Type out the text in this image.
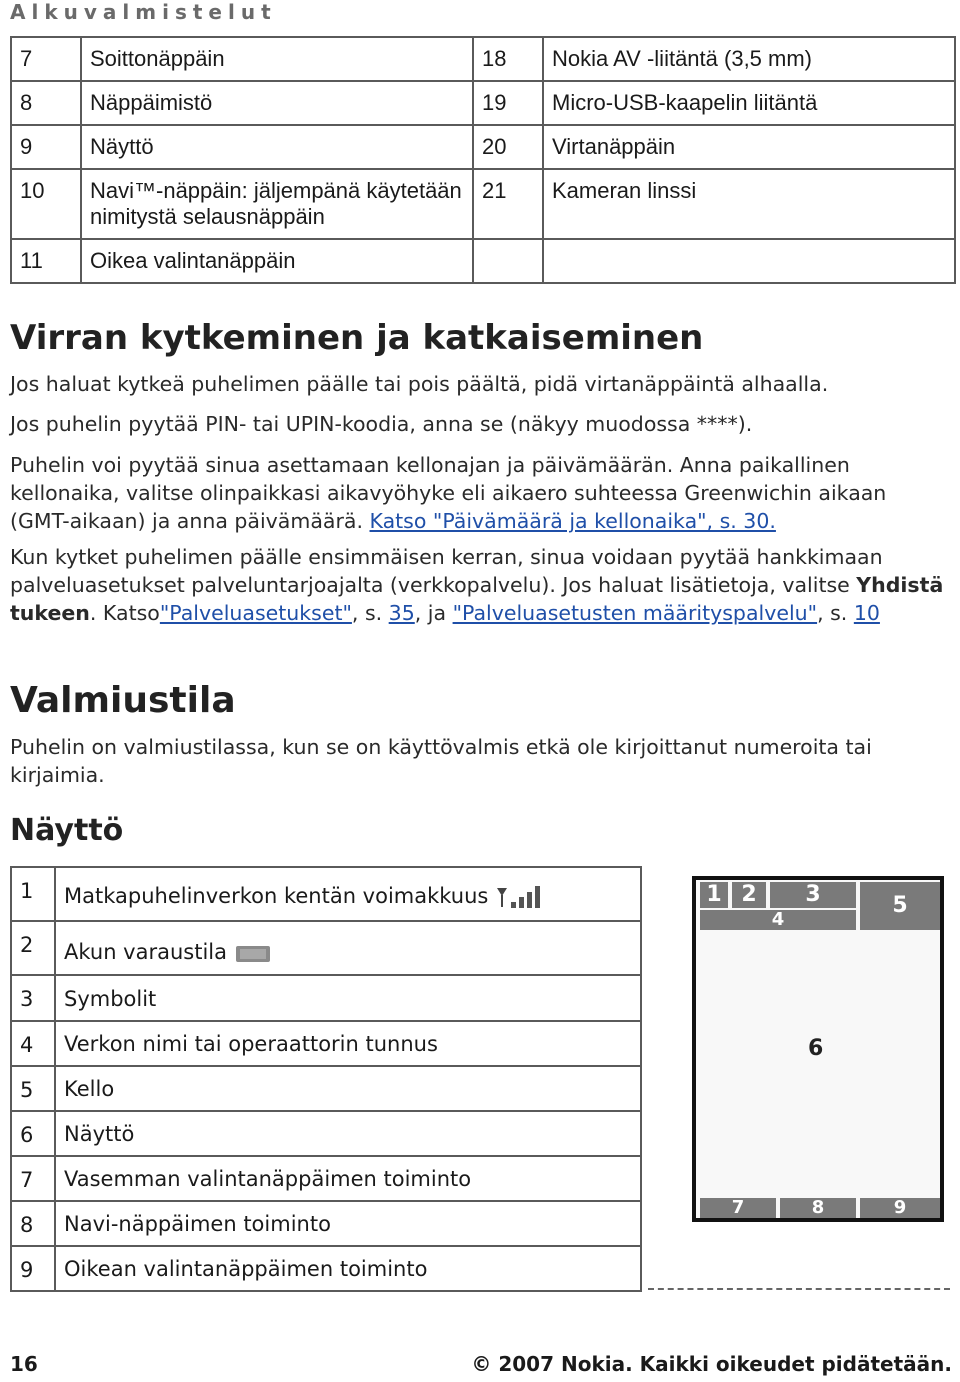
Alkuvalmistelut
7	Soittonäppäin	18	Nokia AV -liitäntä (3,5 mm)
8	Näppäimistö	19	Micro-USB-kaapelin liitäntä
9	Näyttö	20	Virtanäppäin
10	Navi™-näppäin: jäljempänä käytetään nimitystä selausnäppäin	21	Kameran linssi
11	Oikea valintanäppäin		
Virran kytkeminen ja katkaiseminen
Jos haluat kytkeä puhelimen päälle tai pois päältä, pidä virtanäppäintä alhaalla.
Jos puhelin pyytää PIN- tai UPIN-koodia, anna se (näkyy muodossa ****).
Puhelin voi pyytää sinua asettamaan kellonajan ja päivämäärän. Anna paikallinen kellonaika, valitse olinpaikkasi aikavyöhyke eli aikaero suhteessa Greenwichin aikaan (GMT-aikaan) ja anna päivämäärä. Katso "Päivämäärä ja kellonaika", s. 30.
Kun kytket puhelimen päälle ensimmäisen kerran, sinua voidaan pyytää hankkimaan palveluasetukset palveluntarjoajalta (verkkopalvelu). Jos haluat lisätietoja, valitse Yhdistä tukeen. Katso"Palveluasetukset", s. 35, ja "Palveluasetusten määrityspalvelu", s. 10
Valmiustila
Puhelin on valmiustilassa, kun se on käyttövalmis etkä ole kirjoittanut numeroita tai kirjaimia.
Näyttö
1	Matkapuhelinverkon kentän voimakkuus
2	Akun varaustila
3	Symbolit
4	Verkon nimi tai operaattorin tunnus
5	Kello
6	Näyttö
7	Vasemman valintanäppäimen toiminto
8	Navi-näppäimen toiminto
9	Oikean valintanäppäimen toiminto
1 2	3
4
5
6
7	8	9
16	© 2007 Nokia. Kaikki oikeudet pidätetään.
